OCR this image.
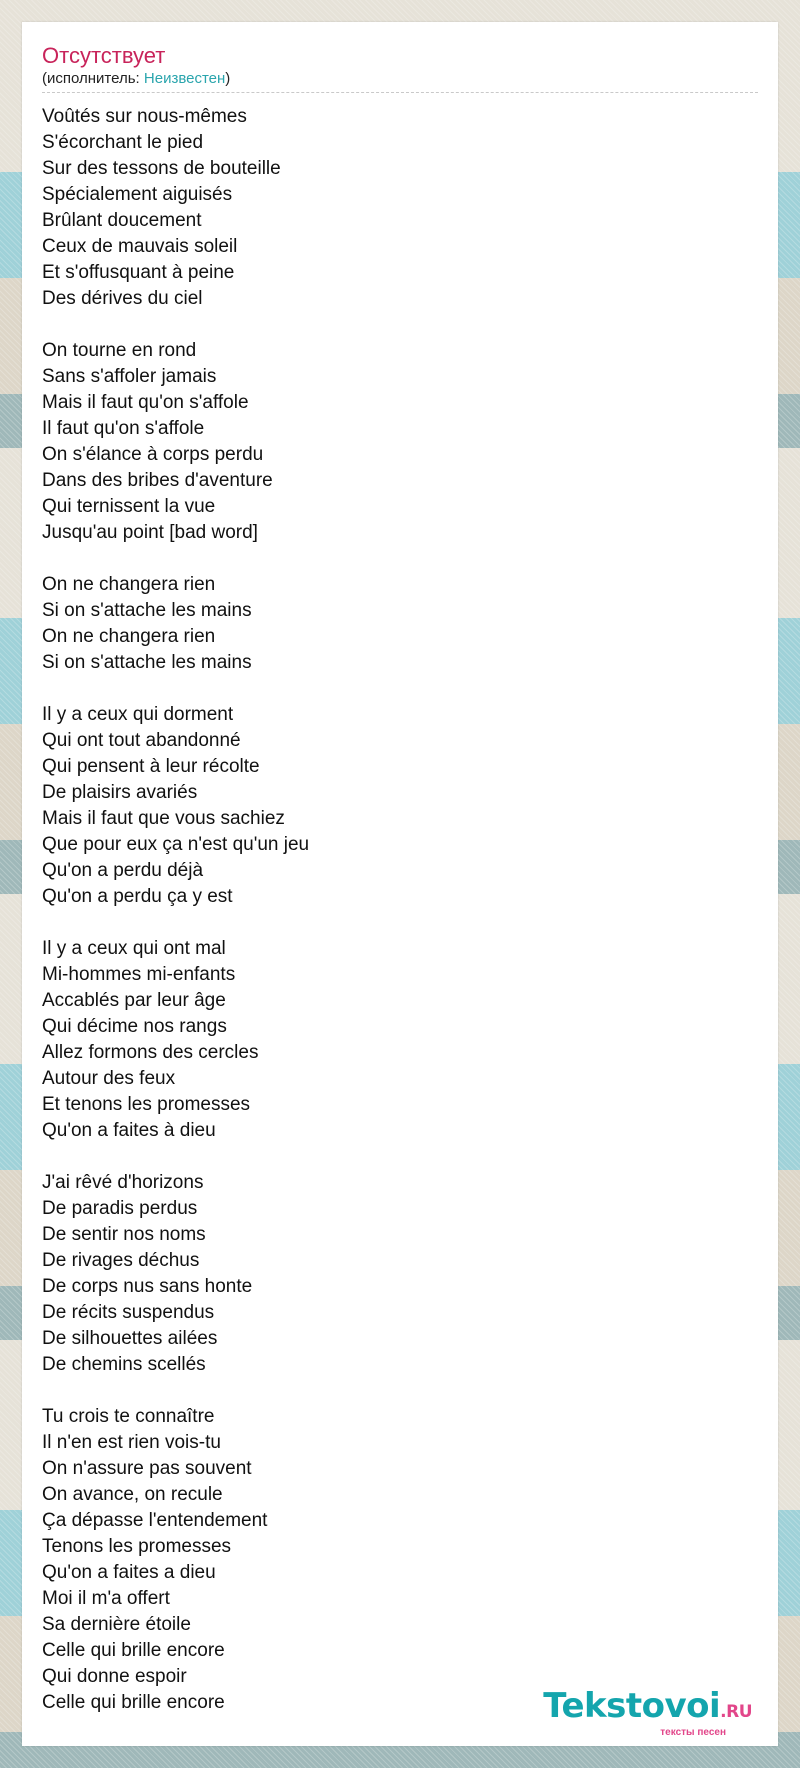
Отсутствует
(исполнитель: Неизвестен)
Voûtés sur nous-mêmes
S'écorchant le pied
Sur des tessons de bouteille
Spécialement aiguisés
Brûlant doucement
Ceux de mauvais soleil
Et s'offusquant à peine
Des dérives du ciel
On tourne en rond
Sans s'affoler jamais
Mais il faut qu'on s'affole
Il faut qu'on s'affole
On s'élance à corps perdu
Dans des bribes d'aventure
Qui ternissent la vue
Jusqu'au point [bad word]
On ne changera rien
Si on s'attache les mains
On ne changera rien
Si on s'attache les mains
Il y a ceux qui dorment
Qui ont tout abandonné
Qui pensent à leur récolte
De plaisirs avariés
Mais il faut que vous sachiez
Que pour eux ça n'est qu'un jeu
Qu'on a perdu déjà
Qu'on a perdu ça y est
Il y a ceux qui ont mal
Mi-hommes mi-enfants
Accablés par leur âge
Qui décime nos rangs
Allez formons des cercles
Autour des feux
Et tenons les promesses
Qu'on a faites à dieu
J'ai rêvé d'horizons
De paradis perdus
De sentir nos noms
De rivages déchus
De corps nus sans honte
De récits suspendus
De silhouettes ailées
De chemins scellés
Tu crois te connaître
Il n'en est rien vois-tu
On n'assure pas souvent
On avance, on recule
Ça dépasse l'entendement
Tenons les promesses
Qu'on a faites a dieu
Moi il m'a offert
Sa dernière étoile
Celle qui brille encore
Qui donne espoir
Celle qui brille encore	Tekstovoi.RU
тексты песен
